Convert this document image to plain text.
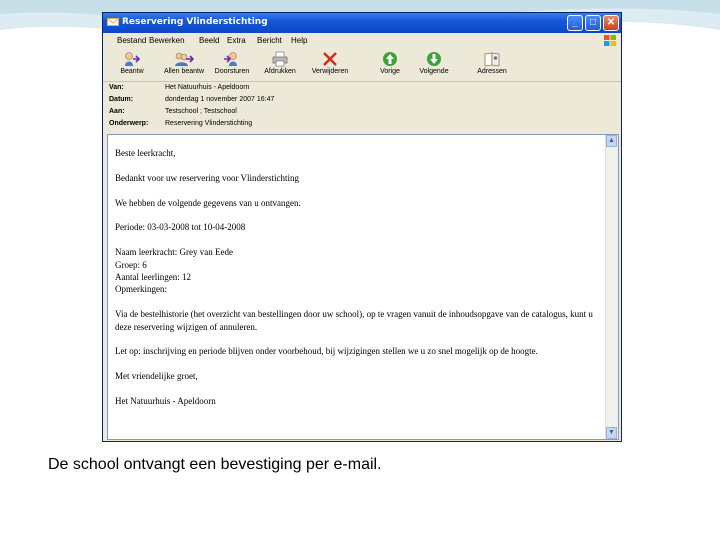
Reservering Vlinderstichting	_	□	✕
Bestand Bewerken Beeld Extra Bericht Help
Beantw	Allen beantw	Doorsturen	Afdrukken	Verwijderen	Vorige	Volgende	Adressen
Van:	Het Natuurhuis - Apeldoorn
Datum:	donderdag 1 november 2007 16:47
Aan:	Testschool ; Testschool
Onderwerp: Reservering Vlinderstichting

Beste leerkracht,

Bedankt voor uw reservering voor Vlinderstichting

We hebben de volgende gegevens van u ontvangen.

Periode: 03-03-2008 tot 10-04-2008

Naam leerkracht: Grey van Eede

Groep: 6

Aantal leerlingen: 12

Opmerkingen:

Via de bestelhistorie (het overzicht van bestellingen door uw school), op te vragen vanuit de inhoudsopgave van de catalogus, kunt u deze reservering wijzigen of annuleren.

Let op: inschrijving en periode blijven onder voorbehoud, bij wijzigingen stellen we u zo snel mogelijk op de hoogte.

Met vriendelijke groet,

Het Natuurhuis - Apeldoorn

▲
▼
De school ontvangt een bevestiging per e-mail.
